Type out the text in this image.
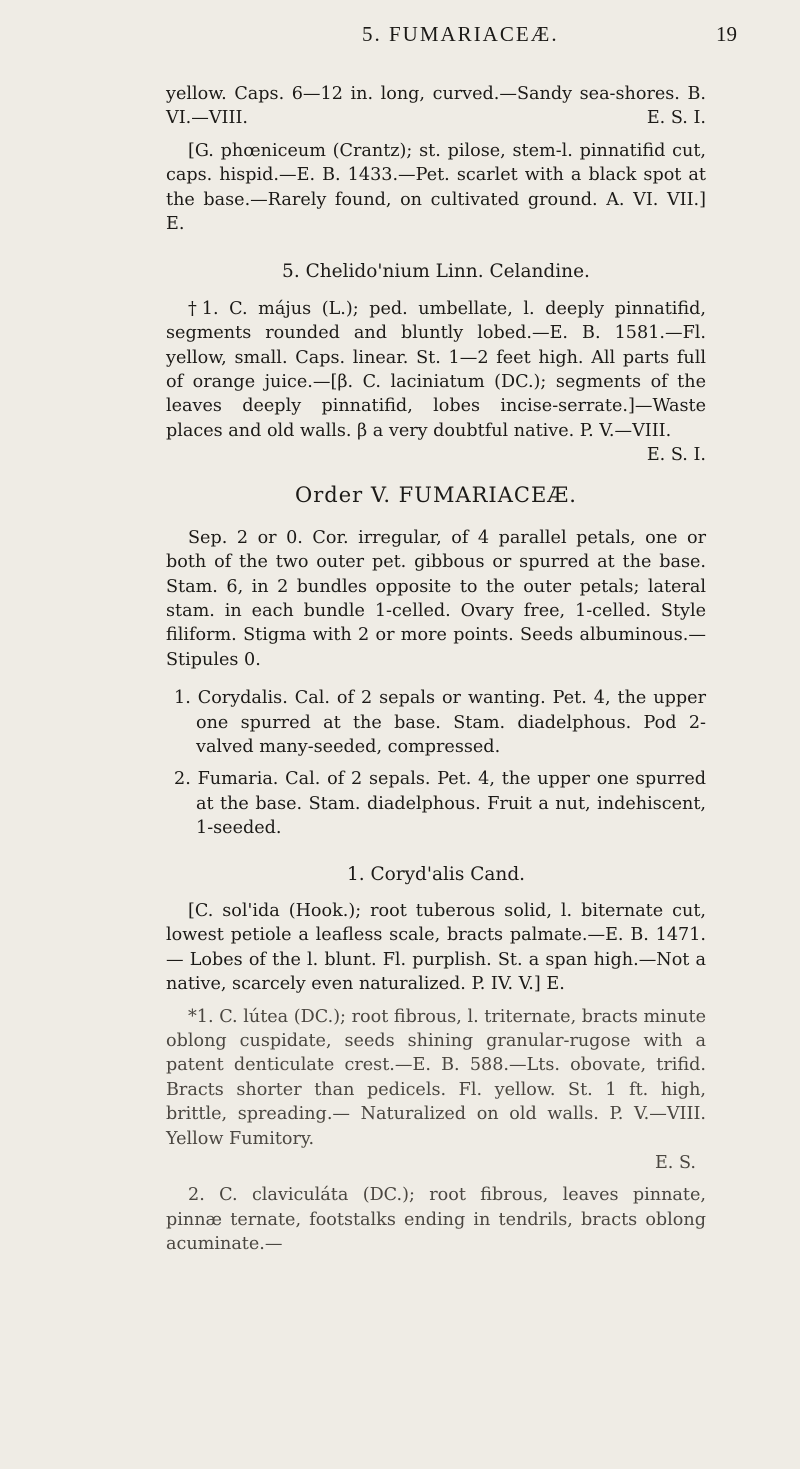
5. FUMARIACEÆ.	19

yellow. Caps. 6—12 in. long, curved.—Sandy sea-shores. B. VI.—VIII.	E. S. I.

[G. phœniceum (Crantz); st. pilose, stem-l. pinnatifid cut, caps. hispid.—E. B. 1433.—Pet. scarlet with a black spot at the base.—Rarely found, on cultivated ground. A. VI. VII.] E.

5. Chelido'nium Linn. Celandine.

†1. C. május (L.); ped. umbellate, l. deeply pinnatifid, segments rounded and bluntly lobed.—E. B. 1581.—Fl. yellow, small. Caps. linear. St. 1—2 feet high. All parts full of orange juice.—[β. C. laciniatum (DC.); segments of the leaves deeply pinnatifid, lobes incise-serrate.]—Waste places and old walls. β a very doubtful native. P. V.—VIII.
E. S. I.

Order V. FUMARIACEÆ.

Sep. 2 or 0. Cor. irregular, of 4 parallel petals, one or both of the two outer pet. gibbous or spurred at the base. Stam. 6, in 2 bundles opposite to the outer petals; lateral stam. in each bundle 1-celled. Ovary free, 1-celled. Style filiform. Stigma with 2 or more points. Seeds albuminous.—Stipules 0.

1. Corydalis. Cal. of 2 sepals or wanting. Pet. 4, the upper one spurred at the base. Stam. diadelphous. Pod 2-valved many-seeded, compressed.

2. Fumaria. Cal. of 2 sepals. Pet. 4, the upper one spurred at the base. Stam. diadelphous. Fruit a nut, indehiscent, 1-seeded.

1. Coryd'alis Cand.

[C. sol'ida (Hook.); root tuberous solid, l. biternate cut, lowest petiole a leafless scale, bracts palmate.—E. B. 1471.— Lobes of the l. blunt. Fl. purplish. St. a span high.—Not a native, scarcely even naturalized. P. IV. V.] E.

*1. C. lútea (DC.); root fibrous, l. triternate, bracts minute oblong cuspidate, seeds shining granular-rugose with a patent denticulate crest.—E. B. 588.—Lts. obovate, trifid. Bracts shorter than pedicels. Fl. yellow. St. 1 ft. high, brittle, spreading.— Naturalized on old walls. P. V.—VIII. Yellow Fumitory.

E. S.

2. C. claviculáta (DC.); root fibrous, leaves pinnate, pinnæ ternate, footstalks ending in tendrils, bracts oblong acuminate.—
